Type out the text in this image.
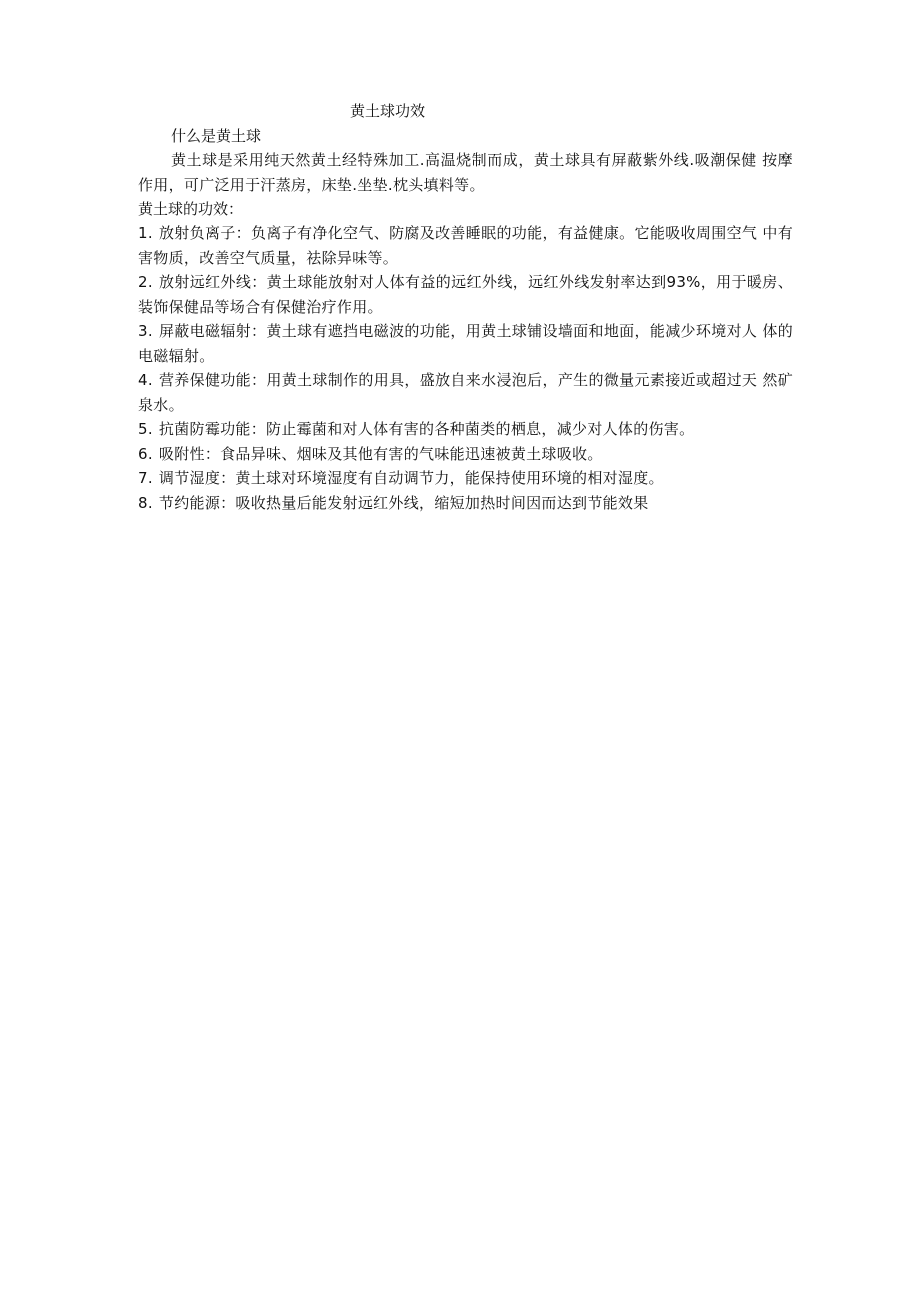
黄土球功效
什么是黄土球

黄土球是采用纯天然黄土经特殊加工.高温烧制而成，黄土球具有屏蔽紫外线.吸潮保健 按摩作用，可广泛用于汗蒸房，床垫.坐垫.枕头填料等。

黄土球的功效：
1. 放射负离子：负离子有净化空气、防腐及改善睡眠的功能，有益健康。它能吸收周围空气 中有害物质，改善空气质量，祛除异味等。
2. 放射远红外线：黄土球能放射对人体有益的远红外线，远红外线发射率达到93%，用于暖房、装饰保健品等场合有保健治疗作用。
3. 屏蔽电磁辐射：黄土球有遮挡电磁波的功能，用黄土球铺设墙面和地面，能减少环境对人 体的电磁辐射。
4. 营养保健功能：用黄土球制作的用具，盛放自来水浸泡后，产生的微量元素接近或超过天 然矿泉水。
5. 抗菌防霉功能：防止霉菌和对人体有害的各种菌类的栖息，减少对人体的伤害。
6. 吸附性：食品异味、烟味及其他有害的气味能迅速被黄土球吸收。
7. 调节湿度：黄土球对环境湿度有自动调节力，能保持使用环境的相对湿度。
8. 节约能源：吸收热量后能发射远红外线，缩短加热时间因而达到节能效果
